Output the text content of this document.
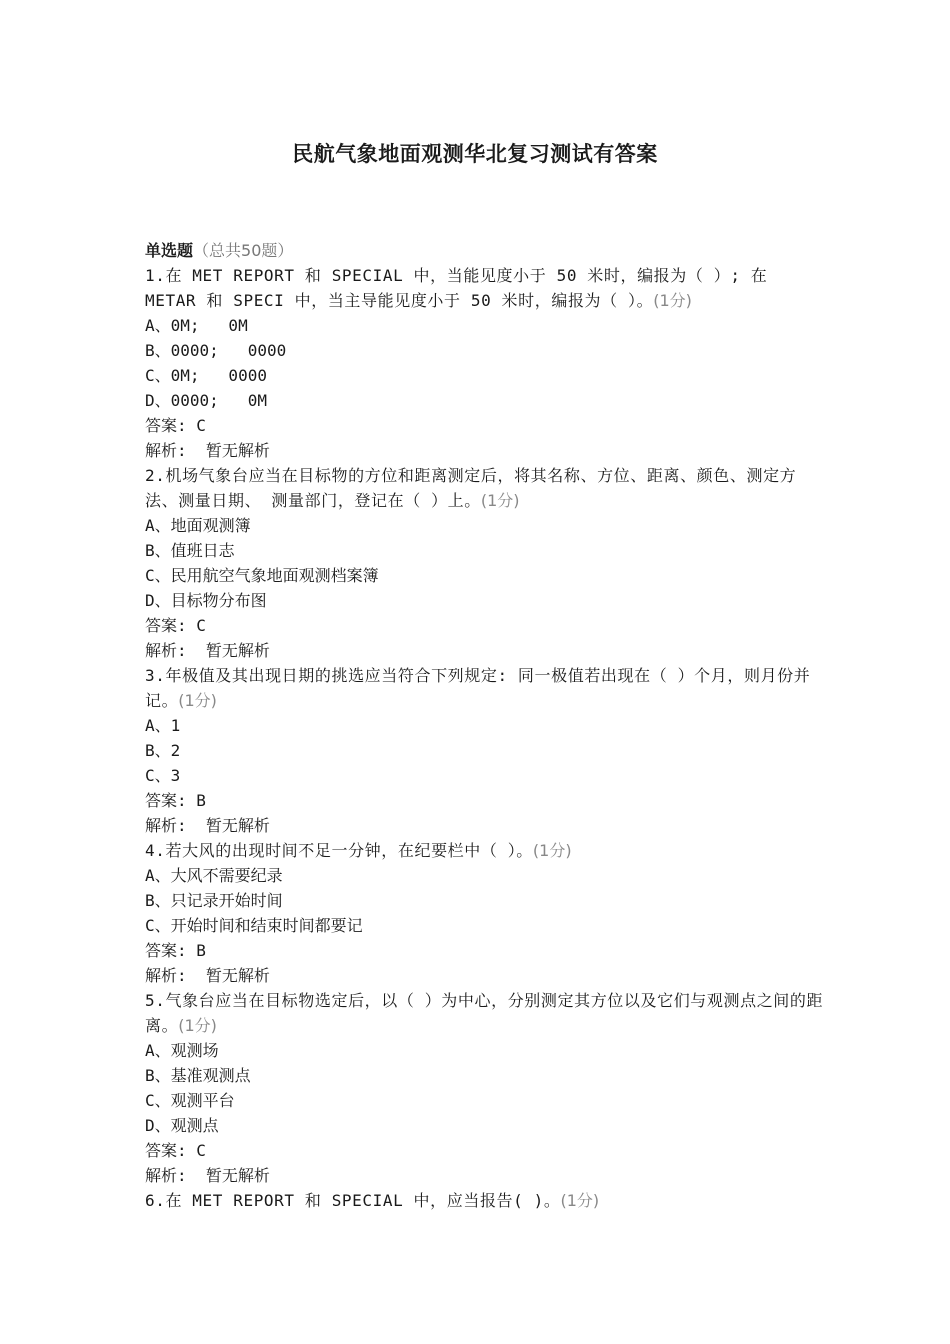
民航气象地面观测华北复习测试有答案
单选题（总共50题）
1.在 MET REPORT 和 SPECIAL 中，当能见度小于 50 米时，编报为（ ）; 在 METAR 和 SPECI 中，当主导能见度小于 50 米时，编报为（ ）。(1分)
A、0M;   0M
B、0000;   0000
C、0M;   0000
D、0000;   0M
答案: C
解析:  暂无解析
2.机场气象台应当在目标物的方位和距离测定后，将其名称、方位、距离、颜色、测定方法、测量日期、 测量部门，登记在（ ）上。(1分)
A、地面观测簿
B、值班日志
C、民用航空气象地面观测档案簿
D、目标物分布图
答案: C
解析:  暂无解析
3.年极值及其出现日期的挑选应当符合下列规定: 同一极值若出现在（ ）个月，则月份并记。(1分)
A、1
B、2
C、3
答案: B
解析:  暂无解析
4.若大风的出现时间不足一分钟，在纪要栏中（ ）。(1分)
A、大风不需要纪录
B、只记录开始时间
C、开始时间和结束时间都要记
答案: B
解析:  暂无解析
5.气象台应当在目标物选定后，以（ ）为中心，分别测定其方位以及它们与观测点之间的距离。(1分)
A、观测场
B、基准观测点
C、观测平台
D、观测点
答案: C
解析:  暂无解析
6.在 MET REPORT 和 SPECIAL 中，应当报告( )。(1分)
